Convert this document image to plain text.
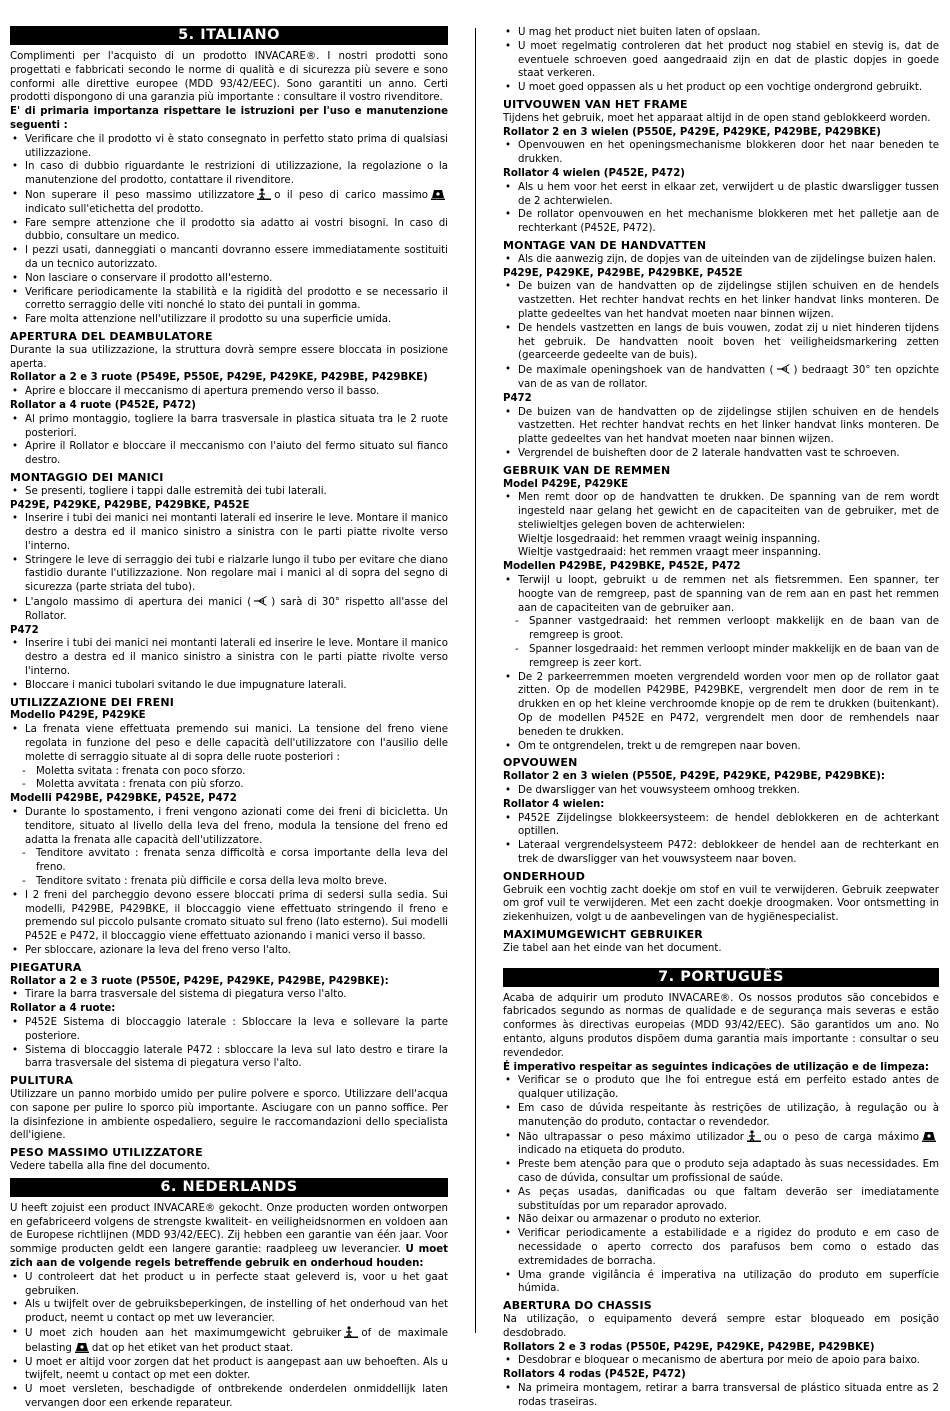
5. ITALIANO

Complimenti per l'acquisto di un prodotto INVACARE®. I nostri prodotti sono progettati e fabbricati secondo le norme di qualità e di sicurezza più severe e sono conformi alle direttive europee (MDD 93/42/EEC). Sono garantiti un anno. Certi prodotti dispongono di una garanzia più importante : consultare il vostro rivenditore.

E' di primaria importanza rispettare le istruzioni per l'uso e manutenzione seguenti :

• Verificare che il prodotto vi è stato consegnato in perfetto stato prima di qualsiasi utilizzazione.
• In caso di dubbio riguardante le restrizioni di utilizzazione, la regolazione o la manutenzione del prodotto, contattare il rivenditore.
• Non superare il peso massimo utilizzatore o il peso di carico massimoindicato sull'etichetta del prodotto.
• Fare sempre attenzione che il prodotto sia adatto ai vostri bisogni. In caso di dubbio, consultare un medico.
• I pezzi usati, danneggiati o mancanti dovranno essere immediatamente sostituiti da un tecnico autorizzato.
• Non lasciare o conservare il prodotto all'esterno.
• Verificare periodicamente la stabilità e la rigidità del prodotto e se necessario il corretto serraggio delle viti nonché lo stato dei puntali in gomma.
• Fare molta attenzione nell'utilizzare il prodotto su una superficie umida.
APERTURA DEL DEAMBULATORE

Durante la sua utilizzazione, la struttura dovrà sempre essere bloccata in posizione aperta.

Rollator a 2 e 3 ruote (P549E, P550E, P429E, P429KE, P429BE, P429BKE)
• Aprire e bloccare il meccanismo di apertura premendo verso il basso.
Rollator a 4 ruote (P452E, P472)
• Al primo montaggio, togliere la barra trasversale in plastica situata tra le 2 ruote posteriori.
• Aprire il Rollator e bloccare il meccanismo con l'aiuto del fermo situato sul fianco destro.
MONTAGGIO DEI MANICI
• Se presenti, togliere i tappi dalle estremità dei tubi laterali.
P429E, P429KE, P429BE, P429BKE, P452E
• Inserire i tubi dei manici nei montanti laterali ed inserire le leve. Montare il manico destro a destra ed il manico sinistro a sinistra con le parti piatte rivolte verso l'interno.
• Stringere le leve di serraggio dei tubi e rialzarle lungo il tubo per evitare che diano fastidio durante l'utilizzazione. Non regolare mai i manici al di sopra del segno di sicurezza (parte striata del tubo).
• L'angolo massimo di apertura dei manici ( ) sarà di 30° rispetto all'asse del Rollator.
P472
• Inserire i tubi dei manici nei montanti laterali ed inserire le leve. Montare il manico destro a destra ed il manico sinistro a sinistra con le parti piatte rivolte verso l'interno.
• Bloccare i manici tubolari svitando le due impugnature laterali.
UTILIZZAZIONE DEI FRENI
Modello P429E, P429KE
• La frenata viene effettuata premendo sui manici. La tensione del freno viene regolata in funzione del peso e delle capacità dell'utilizzatore con l'ausilio delle molette di serraggio situate al di sopra delle ruote posteriori :
- Moletta svitata : frenata con poco sforzo.
- Moletta avvitata : frenata con più sforzo.
Modelli P429BE, P429BKE, P452E, P472
• Durante lo spostamento, i freni vengono azionati come dei freni di bicicletta. Un tenditore, situato al livello della leva del freno, modula la tensione del freno ed adatta la frenata alle capacità dell'utilizzatore.
- Tenditore avvitato : frenata senza difficoltà e corsa importante della leva del freno.
- Tenditore svitato : frenata più difficile e corsa della leva molto breve.
• I 2 freni del parcheggio devono essere bloccati prima di sedersi sulla sedia. Sui modelli, P429BE, P429BKE, il bloccaggio viene effettuato stringendo il freno e premendo sul piccolo pulsante cromato situato sul freno (lato esterno). Sui modelli P452E e P472, il bloccaggio viene effettuato azionando i manici verso il basso.
• Per sbloccare, azionare la leva del freno verso l'alto.
PIEGATURA
Rollator a 2 e 3 ruote (P550E, P429E, P429KE, P429BE, P429BKE):
• Tirare la barra trasversale del sistema di piegatura verso l'alto.
Rollator a 4 ruote:
• P452E Sistema di bloccaggio laterale : Sbloccare la leva e sollevare la parte posteriore.
• Sistema di bloccaggio laterale P472 : sbloccare la leva sul lato destro e tirare la barra trasversale del sistema di piegatura verso l'alto.
PULITURA

Utilizzare un panno morbido umido per pulire polvere e sporco. Utilizzare dell'acqua con sapone per pulire lo sporco più importante. Asciugare con un panno soffice. Per la disinfezione in ambiente ospedaliero, seguire le raccomandazioni dello specialista dell'igiene.

PESO MASSIMO UTILIZZATORE

Vedere tabella alla fine del documento.

6. NEDERLANDS

U heeft zojuist een product INVACARE® gekocht. Onze producten worden ontworpen en gefabriceerd volgens de strengste kwaliteit- en veiligheidsnormen en voldoen aan de Europese richtlijnen (MDD 93/42/EEC). Zij hebben een garantie van één jaar. Voor sommige producten geldt een langere garantie: raadpleeg uw leverancier. U moet zich aan de volgende regels betreffende gebruik en onderhoud houden:

• U controleert dat het product u in perfecte staat geleverd is, voor u het gaat gebruiken.
• Als u twijfelt over de gebruiksbeperkingen, de instelling of het onderhoud van het product, neemt u contact op met uw leverancier.
• U moet zich houden aan het maximumgewicht gebruiker of de maximale belasting dat op het etiket van het product staat.
• U moet er altijd voor zorgen dat het product is aangepast aan uw behoeften. Als u twijfelt, neemt u contact op met een dokter.
• U moet versleten, beschadigde of ontbrekende onderdelen onmiddellijk laten vervangen door een erkende reparateur.
• U mag het product niet buiten laten of opslaan.
• U moet regelmatig controleren dat het product nog stabiel en stevig is, dat de eventuele schroeven goed aangedraaid zijn en dat de plastic dopjes in goede staat verkeren.
• U moet goed oppassen als u het product op een vochtige ondergrond gebruikt.
UITVOUWEN VAN HET FRAME

Tijdens het gebruik, moet het apparaat altijd in de open stand geblokkeerd worden.

Rollator 2 en 3 wielen (P550E, P429E, P429KE, P429BE, P429BKE)
• Openvouwen en het openingsmechanisme blokkeren door het naar beneden te drukken.
Rollator 4 wielen (P452E, P472)
• Als u hem voor het eerst in elkaar zet, verwijdert u de plastic dwarsligger tussen de 2 achterwielen.
• De rollator openvouwen en het mechanisme blokkeren met het palletje aan de rechterkant (P452E, P472).
MONTAGE VAN DE HANDVATTEN
• Als die aanwezig zijn, de dopjes van de uiteinden van de zijdelingse buizen halen.
P429E, P429KE, P429BE, P429BKE, P452E
• De buizen van de handvatten op de zijdelingse stijlen schuiven en de hendels vastzetten. Het rechter handvat rechts en het linker handvat links monteren. De platte gedeeltes van het handvat moeten naar binnen wijzen.
• De hendels vastzetten en langs de buis vouwen, zodat zij u niet hinderen tijdens het gebruik. De handvatten nooit boven het veiligheidsmarkering zetten (gearceerde gedeelte van de buis).
• De maximale openingshoek van de handvatten ( ) bedraagt 30° ten opzichte van de as van de rollator.
P472
• De buizen van de handvatten op de zijdelingse stijlen schuiven en de hendels vastzetten. Het rechter handvat rechts en het linker handvat links monteren. De platte gedeeltes van het handvat moeten naar binnen wijzen.
• Vergrendel de buisheften door de 2 laterale handvatten vast te schroeven.
GEBRUIK VAN DE REMMEN
Model P429E, P429KE
• Men remt door op de handvatten te drukken. De spanning van de rem wordt ingesteld naar gelang het gewicht en de capaciteiten van de gebruiker, met de steliwieltjes gelegen boven de achterwielen:

Wieltje losgedraaid: het remmen vraagt weinig inspanning.

Wieltje vastgedraaid: het remmen vraagt meer inspanning.

Modellen P429BE, P429BKE, P452E, P472
• Terwijl u loopt, gebruikt u de remmen net als fietsremmen. Een spanner, ter hoogte van de remgreep, past de spanning van de rem aan en past het remmen aan de capaciteiten van de gebruiker aan.
- Spanner vastgedraaid: het remmen verloopt makkelijk en de baan van de remgreep is groot.
- Spanner losgedraaid: het remmen verloopt minder makkelijk en de baan van de remgreep is zeer kort.
• De 2 parkeerremmen moeten vergrendeld worden voor men op de rollator gaat zitten. Op de modellen P429BE, P429BKE, vergrendelt men door de rem in te drukken en op het kleine verchroomde knopje op de rem te drukken (buitenkant). Op de modellen P452E en P472, vergrendelt men door de remhendels naar beneden te drukken.
• Om te ontgrendelen, trekt u de remgrepen naar boven.
OPVOUWEN
Rollator 2 en 3 wielen (P550E, P429E, P429KE, P429BE, P429BKE):
• De dwarsligger van het vouwsysteem omhoog trekken.
Rollator 4 wielen:
• P452E Zijdelingse blokkeersysteem: de hendel deblokkeren en de achterkant optillen.
• Lateraal vergrendelsysteem P472: deblokkeer de hendel aan de rechterkant en trek de dwarsligger van het vouwsysteem naar boven.
ONDERHOUD

Gebruik een vochtig zacht doekje om stof en vuil te verwijderen. Gebruik zeepwater om grof vuil te verwijderen. Met een zacht doekje droogmaken. Voor ontsmetting in ziekenhuizen, volgt u de aanbevelingen van de hygiënespecialist.

MAXIMUMGEWICHT GEBRUIKER

Zie tabel aan het einde van het document.

7. PORTUGUÊS

Acaba de adquirir um produto INVACARE®. Os nossos produtos são concebidos e fabricados segundo as normas de qualidade e de segurança mais severas e estão conformes às directivas europeias (MDD 93/42/EEC). São garantidos um ano. No entanto, alguns produtos dispõem duma garantia mais importante : consultar o seu revendedor.

É imperativo respeitar as seguintes indicações de utilização e de limpeza:

• Verificar se o produto que lhe foi entregue está em perfeito estado antes de qualquer utilização.
• Em caso de dúvida respeitante às restrições de utilização, à regulação ou à manutenção do produto, contactar o revendedor.
• Não ultrapassar o peso máximo utilizador ou o peso de carga máximoindicado na etiqueta do produto.
• Preste bem atenção para que o produto seja adaptado às suas necessidades. Em caso de dúvida, consultar um profissional de saúde.
• As peças usadas, danificadas ou que faltam deverão ser imediatamente substituídas por um reparador aprovado.
• Não deixar ou armazenar o produto no exterior.
• Verificar periodicamente a estabilidade e a rigidez do produto e em caso de necessidade o aperto correcto dos parafusos bem como o estado das extremidades de borracha.
• Uma grande vigilância é imperativa na utilização do produto em superfície húmida.
ABERTURA DO CHASSIS

Na utilização, o equipamento deverá sempre estar bloqueado em posição desdobrado.

Rollators 2 e 3 rodas (P550E, P429E, P429KE, P429BE, P429BKE)
• Desdobrar e bloquear o mecanismo de abertura por meio de apoio para baixo.
Rollators 4 rodas (P452E, P472)
• Na primeira montagem, retirar a barra transversal de plástico situada entre as 2 rodas traseiras.
